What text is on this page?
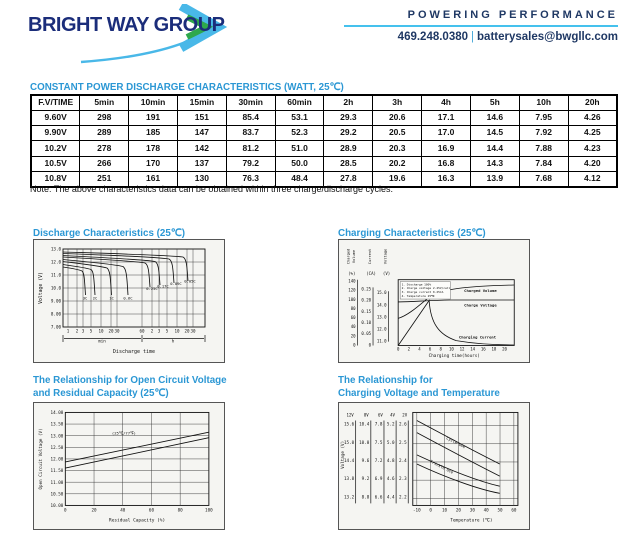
BRIGHT WAY GROUP	POWERING PERFORMANCE
469.248.0380 | batterysales@bwgllc.com
CONSTANT POWER DISCHARGE CHARACTERISTICS (WATT, 25℃)
F.V/TIME	5min	10min	15min	30min	60min	2h	3h	4h	5h	10h	20h
9.60V	298	191	151	85.4	53.1	29.3	20.6	17.1	14.6	7.95	4.26
9.90V	289	185	147	83.7	52.3	29.2	20.5	17.0	14.5	7.92	4.25
10.2V	278	178	142	81.2	51.0	28.9	20.3	16.9	14.4	7.88	4.23
10.5V	266	170	137	79.2	50.0	28.5	20.2	16.8	14.3	7.84	4.20
10.8V	251	161	130	76.3	48.4	27.8	19.6	16.3	13.9	7.68	4.12

Note: The above characteristics data can be obtained within three charge/discharge cycles.

Discharge Characteristics (25℃)
13.0
12.0
11.0
10.0
9.00
8.00
7.00
1 2 3 5 10 20 30	60 2 3 5 10 20 30
3C 2C	1C	0.6C
0.25C 0.17C 0.09C 0.05C
min	h
Voltage (V)
Discharge time
Charging Characteristics (25℃)
Charged Volume	Current	Voltage
(%)	(CA) (V)
140
120
100
80
60
40
20
0
0.25
0.20
0.15
0.10
0.05
0
15.0
14.0
13.0
12.0
11.0
1. Discharge 100%
2. Charge voltage 2.45V/cell
3. Charge current 0.25CA
4. Temperature 25℃
Charged Volume
Charge Voltage
Charging Current
0 2 4 6 8 10 12 14 16 18 20
Charging time(hours)
The Relationship for Open Circuit Voltage
and Residual Capacity (25℃)
14.00
13.50
13.00
12.50
12.00
11.50
11.00
10.50
10.00
0	20	40	60	80	100
(25℃/77℉)
Open Circuit Voltage (V)
Residual Capacity (%)
The Relationship for
Charging Voltage and Temperature
12V	8V 6V 4V 2V
15.6
15.0
14.4
13.8
13.2
10.4
10.0
9.6
9.2
8.8
7.8
7.5
7.2
6.9
6.6
5.2
5.0
4.8
4.6
4.4
2.6
2.5
2.4
2.3
2.2
Cycle Use
Trickle Use
-10 0 10 20 30 40 50 60
Voltage (V)
Temperature (℃)
